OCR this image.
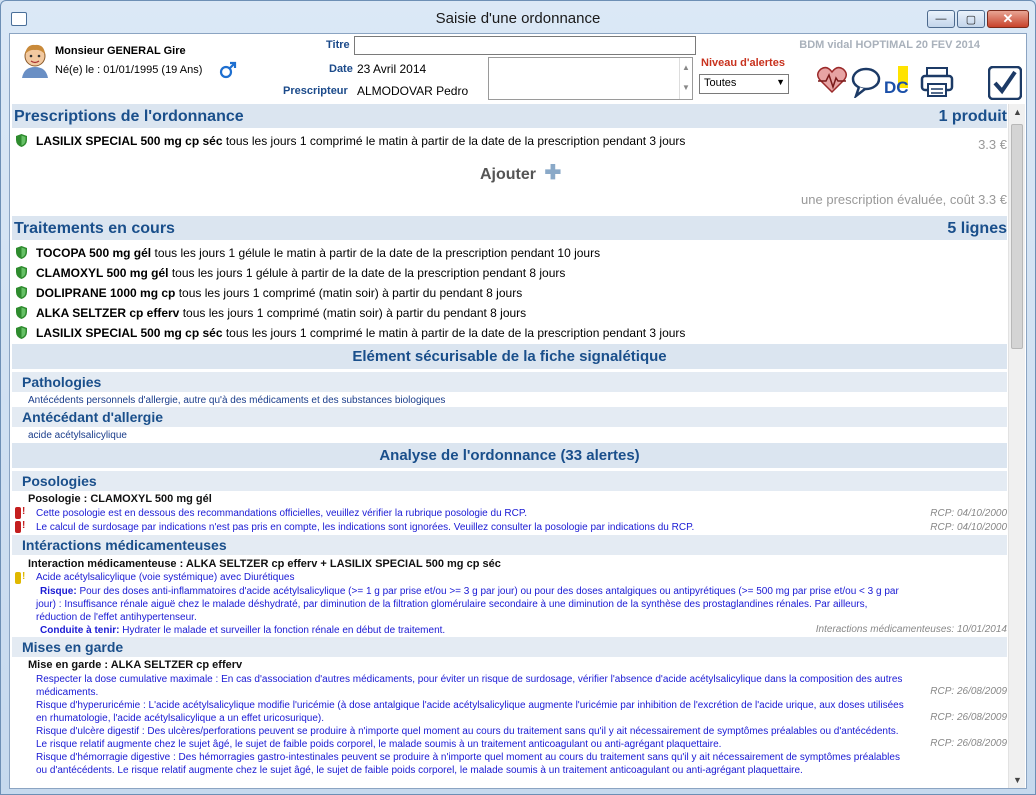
Saisie d'une ordonnance	—	▢	✕
Monsieur GENERAL Gire
Né(e) le : 01/01/1995 (19 Ans)
Titre
Date 23 Avril 2014
Prescripteur ALMODOVAR Pedro
▲
▼
Niveau d'alertes
Toutes	▼
BDM vidal HOPTIMAL 20 FEV 2014
DC
Prescriptions de l'ordonnance	1 produit
LASILIX SPECIAL 500 mg cp séc tous les jours 1 comprimé le matin à partir de la date de la prescription pendant 3 jours	3.3 €
Ajouter ✚
une prescription évaluée, coût 3.3 €
Traitements en cours	5 lignes
TOCOPA 500 mg gél tous les jours 1 gélule le matin à partir de la date de la prescription pendant 10 jours
CLAMOXYL 500 mg gél tous les jours 1 gélule à partir de la date de la prescription pendant 8 jours
DOLIPRANE 1000 mg cp tous les jours 1 comprimé (matin soir) à partir du pendant 8 jours
ALKA SELTZER cp efferv tous les jours 1 comprimé (matin soir) à partir du pendant 8 jours
LASILIX SPECIAL 500 mg cp séc tous les jours 1 comprimé le matin à partir de la date de la prescription pendant 3 jours
Elément sécurisable de la fiche signalétique
Pathologies
Antécédents personnels d'allergie, autre qu'à des médicaments et des substances biologiques
Antécédant d'allergie
acide acétylsalicylique
Analyse de l'ordonnance (33 alertes)
Posologies
Posologie : CLAMOXYL 500 mg gél
!
Cette posologie est en dessous des recommandations officielles, veuillez vérifier la rubrique posologie du RCP.	RCP: 04/10/2000
!
Le calcul de surdosage par indications n'est pas pris en compte, les indications sont ignorées. Veuillez consulter la posologie par indications du RCP.	RCP: 04/10/2000
Intéractions médicamenteuses
Interaction médicamenteuse : ALKA SELTZER cp efferv + LASILIX SPECIAL 500 mg cp séc
!
Acide acétylsalicylique (voie systémique) avec Diurétiques
Risque: Pour des doses anti-inflammatoires d'acide acétylsalicylique (>= 1 g par prise et/ou >= 3 g par jour) ou pour des doses antalgiques ou antipyrétiques (>= 500 mg par prise et/ou < 3 g par jour) : Insuffisance rénale aiguë chez le malade déshydraté, par diminution de la filtration glomérulaire secondaire à une diminution de la synthèse des prostaglandines rénales. Par ailleurs, réduction de l'effet antihypertenseur.
Conduite à tenir: Hydrater le malade et surveiller la fonction rénale en début de traitement.	Interactions médicamenteuses: 10/01/2014
Mises en garde
Mise en garde : ALKA SELTZER cp efferv
Respecter la dose cumulative maximale : En cas d'association d'autres médicaments, pour éviter un risque de surdosage, vérifier l'absence d'acide acétylsalicylique dans la composition des autres médicaments.	RCP: 26/08/2009
Risque d'hyperuricémie : L'acide acétylsalicylique modifie l'uricémie (à dose antalgique l'acide acétylsalicylique augmente l'uricémie par inhibition de l'excrétion de l'acide urique, aux doses utilisées en rhumatologie, l'acide acétylsalicylique a un effet uricosurique).	RCP: 26/08/2009
Risque d'ulcère digestif : Des ulcères/perforations peuvent se produire à n'importe quel moment au cours du traitement sans qu'il y ait nécessairement de symptômes préalables ou d'antécédents. Le risque relatif augmente chez le sujet âgé, le sujet de faible poids corporel, le malade soumis à un traitement anticoagulant ou anti-agrégant plaquettaire.	RCP: 26/08/2009
Risque d'hémorragie digestive : Des hémorragies gastro-intestinales peuvent se produire à n'importe quel moment au cours du traitement sans qu'il y ait nécessairement de symptômes préalables ou d'antécédents. Le risque relatif augmente chez le sujet âgé, le sujet de faible poids corporel, le malade soumis à un traitement anticoagulant ou anti-agrégant plaquettaire.
▲
▼
